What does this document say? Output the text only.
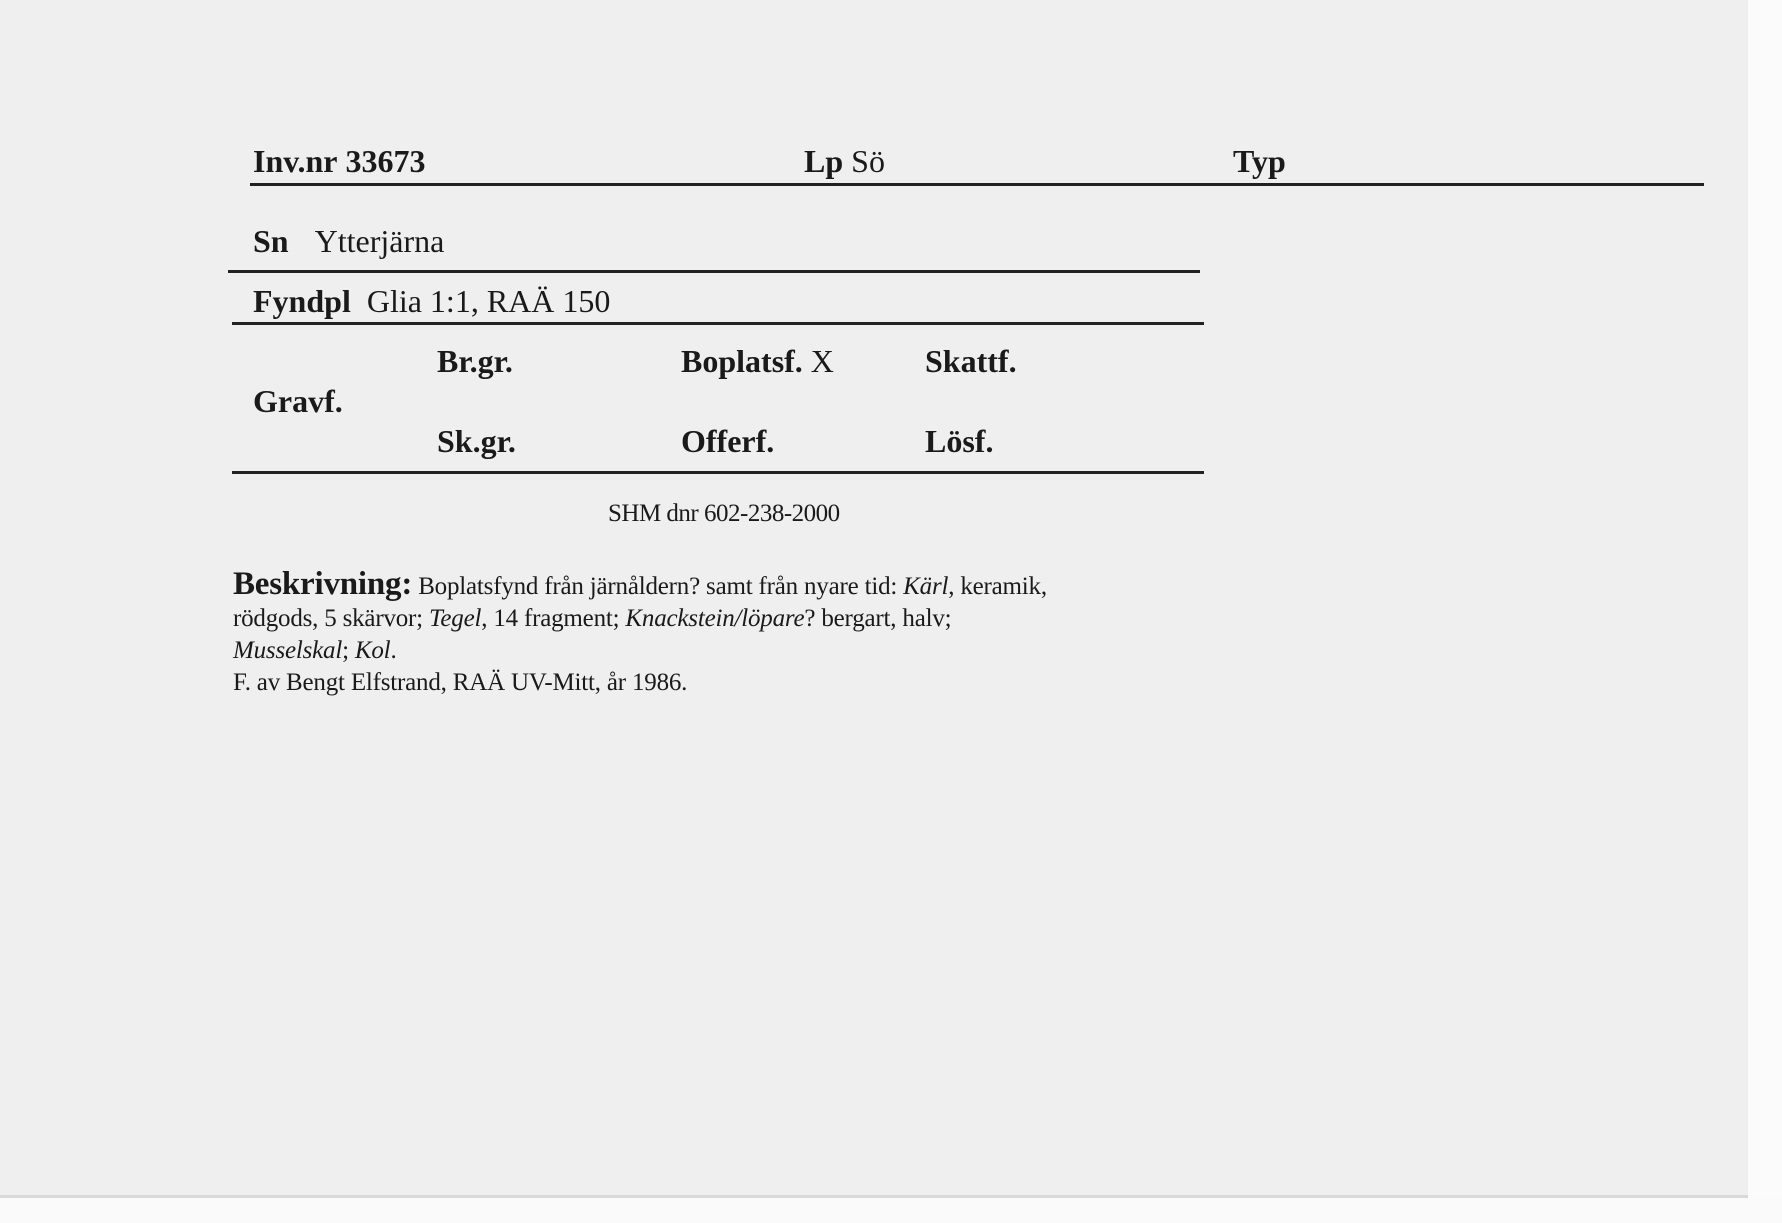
Inv.nr 33673	Lp Sö	Typ
Sn Ytterjärna
Fyndpl Glia 1:1, RAÄ 150
Gravf.
Br.gr.
Sk.gr.
Boplatsf. X
Offerf.
Skattf.
Lösf.
SHM dnr 602-238-2000
Beskrivning: Boplatsfynd från järnåldern? samt från nyare tid: Kärl, keramik,
rödgods, 5 skärvor; Tegel, 14 fragment; Knackstein/löpare? bergart, halv;
Musselskal; Kol.
F. av Bengt Elfstrand, RAÄ UV-Mitt, år 1986.
